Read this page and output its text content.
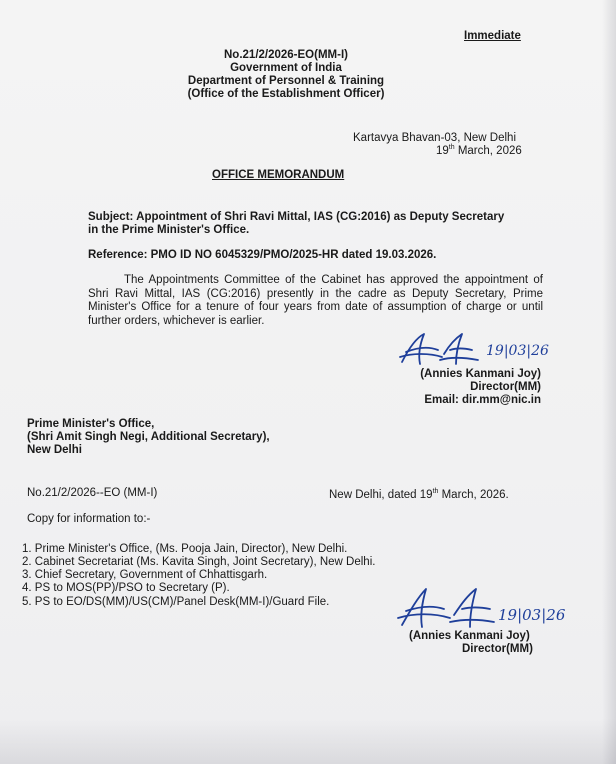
Immediate
No.21/2/2026-EO(MM-I)
Government of India
Department of Personnel & Training
(Office of the Establishment Officer)
Kartavya Bhavan-03, New Delhi
19th March, 2026
OFFICE MEMORANDUM
Subject: Appointment of Shri Ravi Mittal, IAS (CG:2016) as Deputy Secretary
in the Prime Minister's Office.
Reference: PMO ID NO 6045329/PMO/2025-HR dated 19.03.2026.
The Appointments Committee of the Cabinet has approved the appointment of Shri Ravi Mittal, IAS (CG:2016) presently in the cadre as Deputy Secretary, Prime Minister's Office for a tenure of four years from date of assumption of charge or until further orders, whichever is earlier.
19|03|26
(Annies Kanmani Joy)
Director(MM)
Email: dir.mm@nic.in
Prime Minister's Office,
(Shri Amit Singh Negi, Additional Secretary),
New Delhi
No.21/2/2026--EO (MM-I)	New Delhi, dated 19th March, 2026.
Copy for information to:-
1. Prime Minister's Office, (Ms. Pooja Jain, Director), New Delhi.
2. Cabinet Secretariat (Ms. Kavita Singh, Joint Secretary), New Delhi.
3. Chief Secretary, Government of Chhattisgarh.
4. PS to MOS(PP)/PSO to Secretary (P).
5. PS to EO/DS(MM)/US(CM)/Panel Desk(MM-I)/Guard File.
19|03|26
(Annies Kanmani Joy)
Director(MM)
